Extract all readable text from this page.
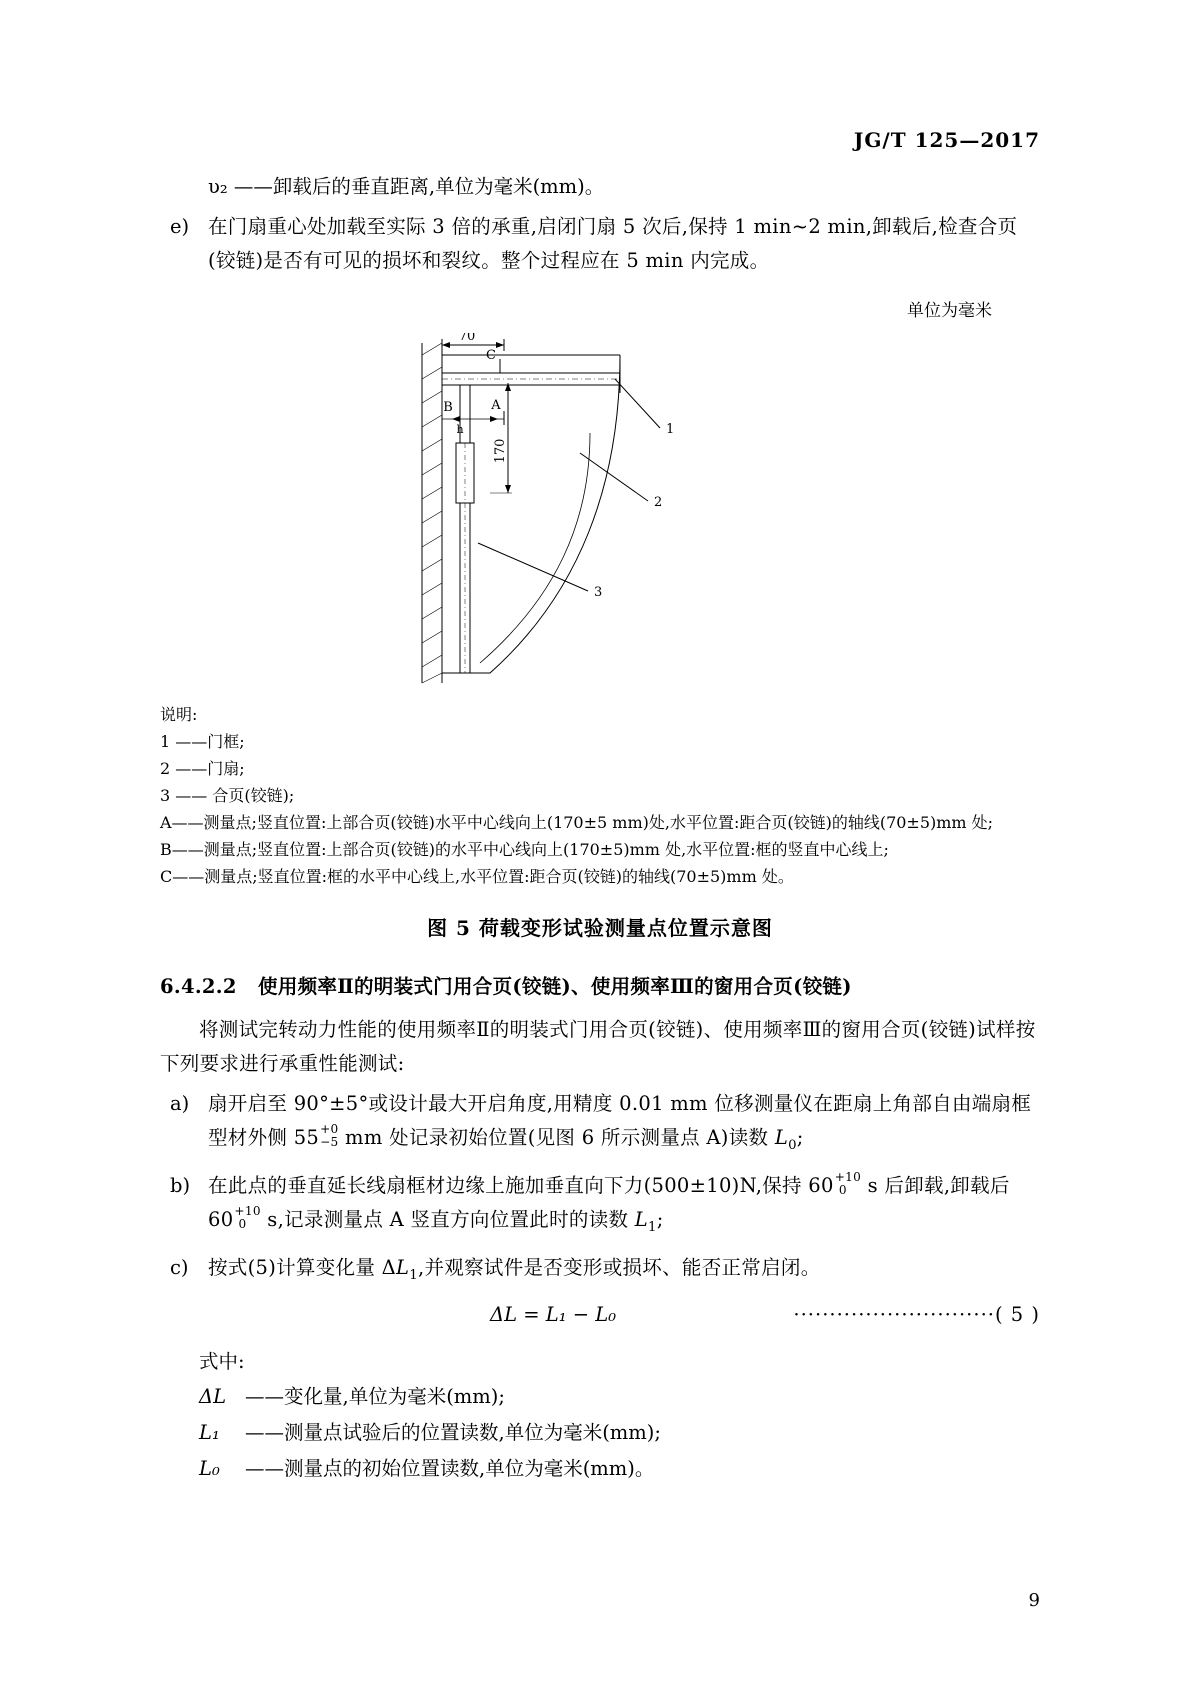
JG/T 125—2017
υ₂ ——卸载后的垂直距离,单位为毫米(mm)。
e) 在门扇重心处加载至实际 3 倍的承重,启闭门扇 5 次后,保持 1 min~2 min,卸载后,检查合页(铰链)是否有可见的损坏和裂纹。整个过程应在 5 min 内完成。
单位为毫米
70
C
B	A
h
170
1
2
3
说明:
1 ——门框;
2 ——门扇;
3 —— 合页(铰链);
A——测量点;竖直位置:上部合页(铰链)水平中心线向上(170±5 mm)处,水平位置:距合页(铰链)的轴线(70±5)mm 处;
B——测量点;竖直位置:上部合页(铰链)的水平中心线向上(170±5)mm 处,水平位置:框的竖直中心线上;
C——测量点;竖直位置:框的水平中心线上,水平位置:距合页(铰链)的轴线(70±5)mm 处。
图 5 荷载变形试验测量点位置示意图
6.4.2.2 使用频率Ⅱ的明装式门用合页(铰链)、使用频率Ⅲ的窗用合页(铰链)
将测试完转动力性能的使用频率Ⅱ的明装式门用合页(铰链)、使用频率Ⅲ的窗用合页(铰链)试样按下列要求进行承重性能测试:
a) 扇开启至 90°±5°或设计最大开启角度,用精度 0.01 mm 位移测量仪在距扇上角部自由端扇框型材外侧 55+0
−5 mm 处记录初始位置(见图 6 所示测量点 A)读数 $L_0$;
b) 在此点的垂直延长线扇框材边缘上施加垂直向下力(500±10)N,保持 60+10
0 s 后卸载,卸载后 60+10
0 s,记录测量点 A 竖直方向位置此时的读数 $L_1$;
c) 按式(5)计算变化量 $\Delta L_1$,并观察试件是否变形或损坏、能否正常启闭。
ΔL = L₁ − L₀	····························( 5 )
式中:
ΔL ——变化量,单位为毫米(mm);
L₁ ——测量点试验后的位置读数,单位为毫米(mm);
L₀ ——测量点的初始位置读数,单位为毫米(mm)。
9
